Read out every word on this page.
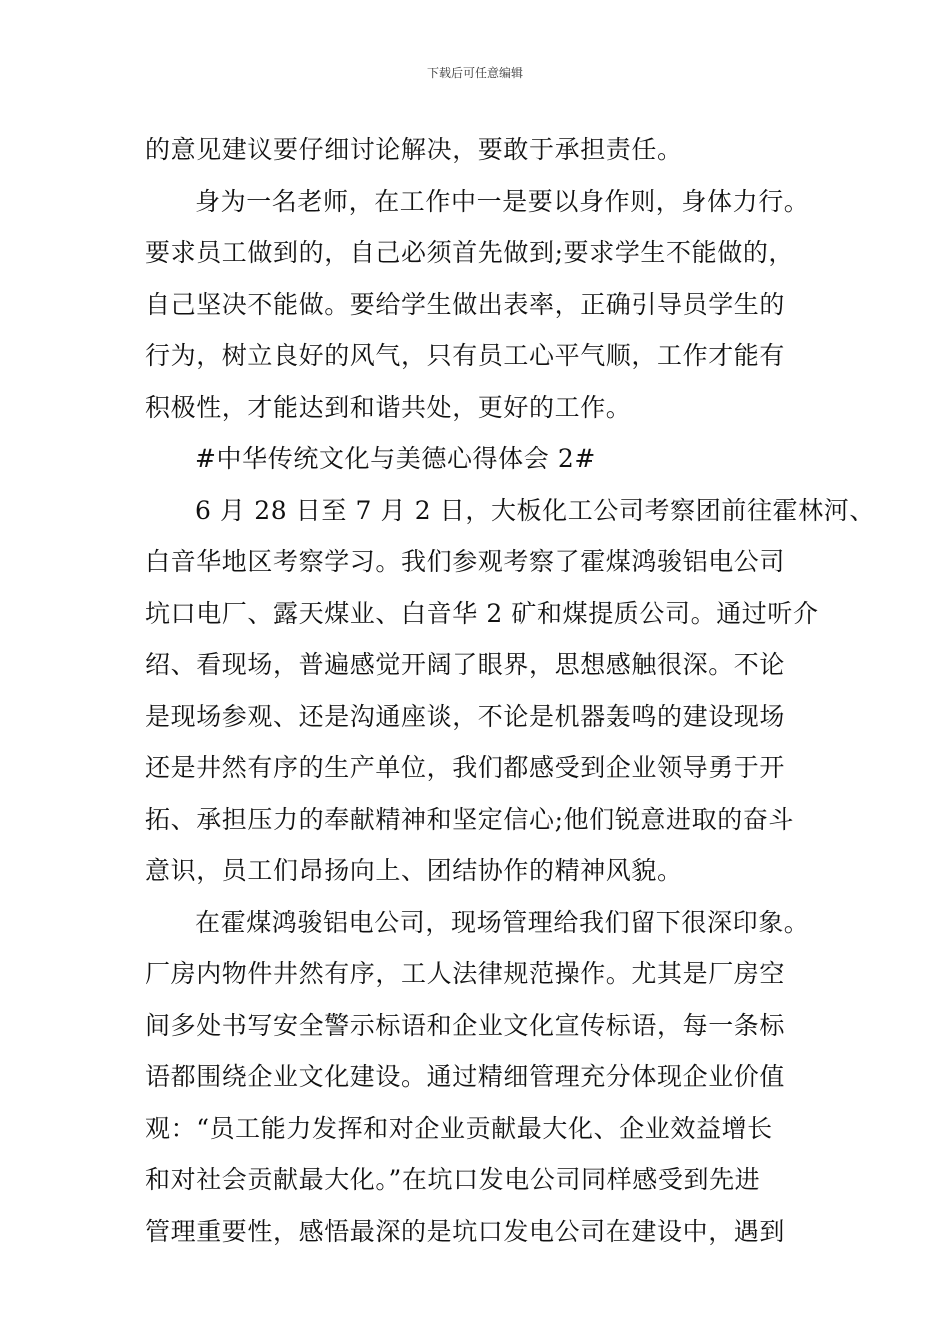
下载后可任意编辑
的意见建议要仔细讨论解决，要敢于承担责任。
身为一名老师，在工作中一是要以身作则，身体力行。
要求员工做到的，自己必须首先做到;要求学生不能做的，
自己坚决不能做。要给学生做出表率，正确引导员学生的
行为，树立良好的风气，只有员工心平气顺，工作才能有
积极性，才能达到和谐共处，更好的工作。
#中华传统文化与美德心得体会 2#
6 月 28 日至 7 月 2 日，大板化工公司考察团前往霍林河、
白音华地区考察学习。我们参观考察了霍煤鸿骏铝电公司
坑口电厂、露天煤业、白音华 2 矿和煤提质公司。通过听介
绍、看现场，普遍感觉开阔了眼界，思想感触很深。不论
是现场参观、还是沟通座谈，不论是机器轰鸣的建设现场
还是井然有序的生产单位，我们都感受到企业领导勇于开
拓、承担压力的奉献精神和坚定信心;他们锐意进取的奋斗
意识，员工们昂扬向上、团结协作的精神风貌。
在霍煤鸿骏铝电公司，现场管理给我们留下很深印象。
厂房内物件井然有序，工人法律规范操作。尤其是厂房空
间多处书写安全警示标语和企业文化宣传标语，每一条标
语都围绕企业文化建设。通过精细管理充分体现企业价值
观：“员工能力发挥和对企业贡献最大化、企业效益增长
和对社会贡献最大化。”在坑口发电公司同样感受到先进
管理重要性，感悟最深的是坑口发电公司在建设中，遇到
